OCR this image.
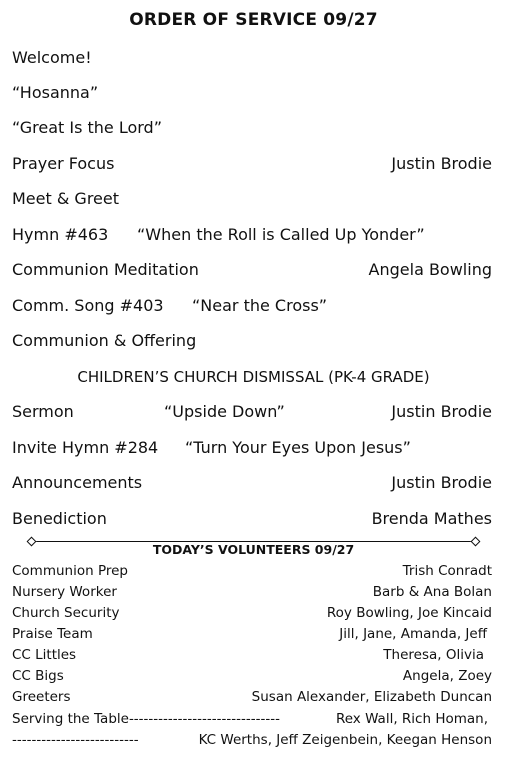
ORDER OF SERVICE 09/27
Welcome!
“Hosanna”
“Great Is the Lord”
Prayer Focus	Justin Brodie
Meet & Greet
Hymn #463 “When the Roll is Called Up Yonder”
Communion Meditation	Angela Bowling
Comm. Song #403 “Near the Cross”
Communion & Offering
CHILDREN’S CHURCH DISMISSAL (PK-4 GRADE)
Sermon	“Upside Down”	Justin Brodie
Invite Hymn #284 “Turn Your Eyes Upon Jesus”
Announcements	Justin Brodie
Benediction	Brenda Mathes
TODAY’S VOLUNTEERS 09/27
Communion Prep	Trish Conradt
Nursery Worker	Barb & Ana Bolan
Church Security	Roy Bowling, Joe Kincaid
Praise Team	Jill, Jane, Amanda, Jeff
CC Littles	Theresa, Olivia
CC Bigs	Angela, Zoey
Greeters	Susan Alexander, Elizabeth Duncan
Serving the Table-------------------------------	Rex Wall, Rich Homan,
--------------------------	KC Werths, Jeff Zeigenbein, Keegan Henson
